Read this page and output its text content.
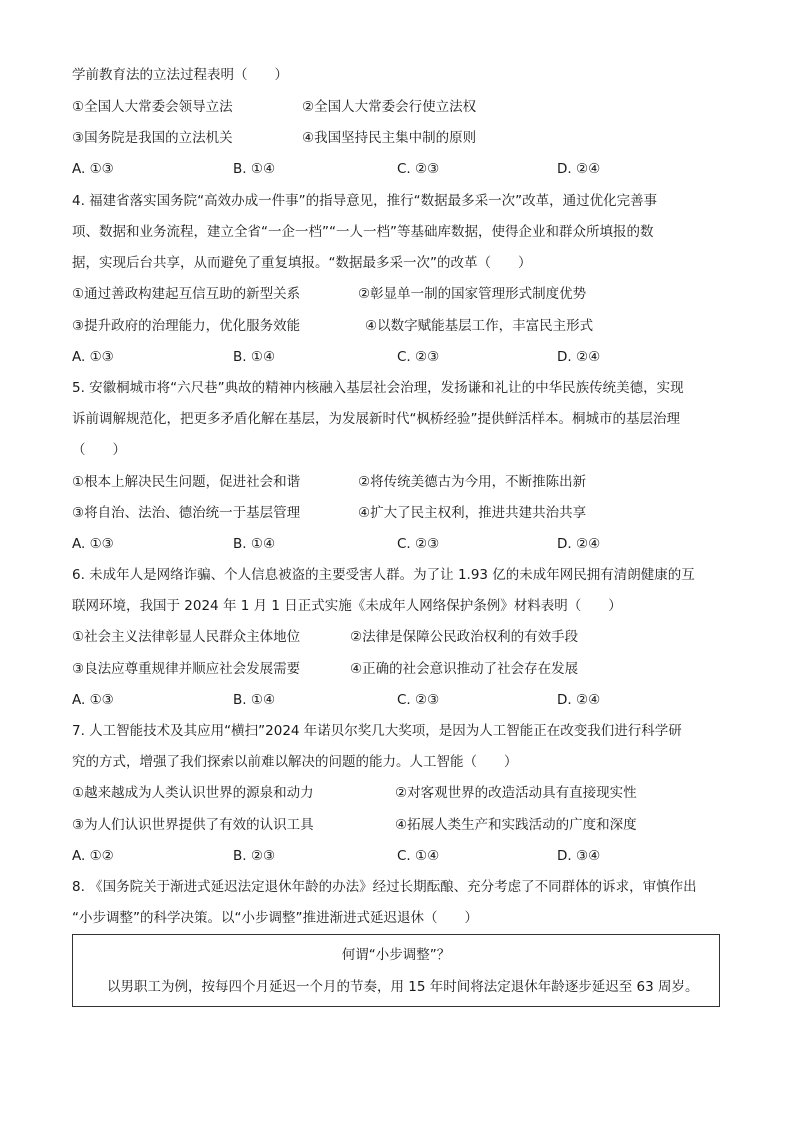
学前教育法的立法过程表明（　　）
①全国人大常委会领导立法	②全国人大常委会行使立法权
③国务院是我国的立法机关	④我国坚持民主集中制的原则
A. ①③	B. ①④	C. ②③	D. ②④
4. 福建省落实国务院“高效办成一件事”的指导意见，推行“数据最多采一次”改革，通过优化完善事
项、数据和业务流程，建立全省“一企一档”“一人一档”等基础库数据，使得企业和群众所填报的数
据，实现后台共享，从而避免了重复填报。“数据最多采一次”的改革（　　）
①通过善政构建起互信互助的新型关系	②彰显单一制的国家管理形式制度优势
③提升政府的治理能力，优化服务效能	④以数字赋能基层工作，丰富民主形式
A. ①③	B. ①④	C. ②③	D. ②④
5. 安徽桐城市将“六尺巷”典故的精神内核融入基层社会治理，发扬谦和礼让的中华民族传统美德，实现
诉前调解规范化，把更多矛盾化解在基层，为发展新时代“枫桥经验”提供鲜活样本。桐城市的基层治理
（　　）
①根本上解决民生问题，促进社会和谐	②将传统美德古为今用，不断推陈出新
③将自治、法治、德治统一于基层管理	④扩大了民主权利，推进共建共治共享
A. ①③	B. ①④	C. ②③	D. ②④
6. 未成年人是网络诈骗、个人信息被盗的主要受害人群。为了让 1.93 亿的未成年网民拥有清朗健康的互
联网环境，我国于 2024 年 1 月 1 日正式实施《未成年人网络保护条例》材料表明（　　）
①社会主义法律彰显人民群众主体地位	②法律是保障公民政治权利的有效手段
③良法应尊重规律并顺应社会发展需要	④正确的社会意识推动了社会存在发展
A. ①③	B. ①④	C. ②③	D. ②④
7. 人工智能技术及其应用“横扫”2024 年诺贝尔奖几大奖项，是因为人工智能正在改变我们进行科学研
究的方式，增强了我们探索以前难以解决的问题的能力。人工智能（　　）
①越来越成为人类认识世界的源泉和动力	②对客观世界的改造活动具有直接现实性
③为人们认识世界提供了有效的认识工具	④拓展人类生产和实践活动的广度和深度
A. ①②	B. ②③	C. ①④	D. ③④
8. 《国务院关于渐进式延迟法定退休年龄的办法》经过长期酝酿、充分考虑了不同群体的诉求，审慎作出
“小步调整”的科学决策。以“小步调整”推进渐进式延迟退休（　　）
何谓“小步调整”？
以男职工为例，按每四个月延迟一个月的节奏，用 15 年时间将法定退休年龄逐步延迟至 63 周岁。
